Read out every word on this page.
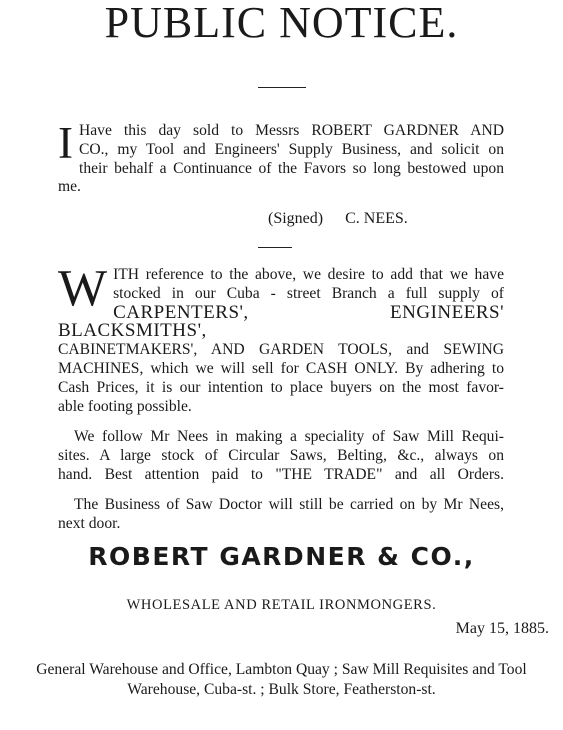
PUBLIC NOTICE.
I Have this day sold to Messrs ROBERT GARDNER AND
CO., my Tool and Engineers' Supply Business, and solicit on
their behalf a Continuance of the Favors so long bestowed upon
me.
(Signed) C. NEES.
W ITH reference to the above, we desire to add that we have
stocked in our Cuba - street Branch a full supply of
CARPENTERS', ENGINEERS' BLACKSMITHS',
CABINETMAKERS', AND GARDEN TOOLS, and SEWING
MACHINES, which we will sell for CASH ONLY. By adhering to
Cash Prices, it is our intention to place buyers on the most favor-
able footing possible.
We follow Mr Nees in making a speciality of Saw Mill Requi-
sites. A large stock of Circular Saws, Belting, &c., always on
hand. Best attention paid to "THE TRADE" and all Orders.
The Business of Saw Doctor will still be carried on by Mr Nees,
next door.
ROBERT GARDNER & CO.,
WHOLESALE AND RETAIL IRONMONGERS.
May 15, 1885.
General Warehouse and Office, Lambton Quay ; Saw Mill Requisites and Tool
Warehouse, Cuba-st. ; Bulk Store, Featherston-st.
